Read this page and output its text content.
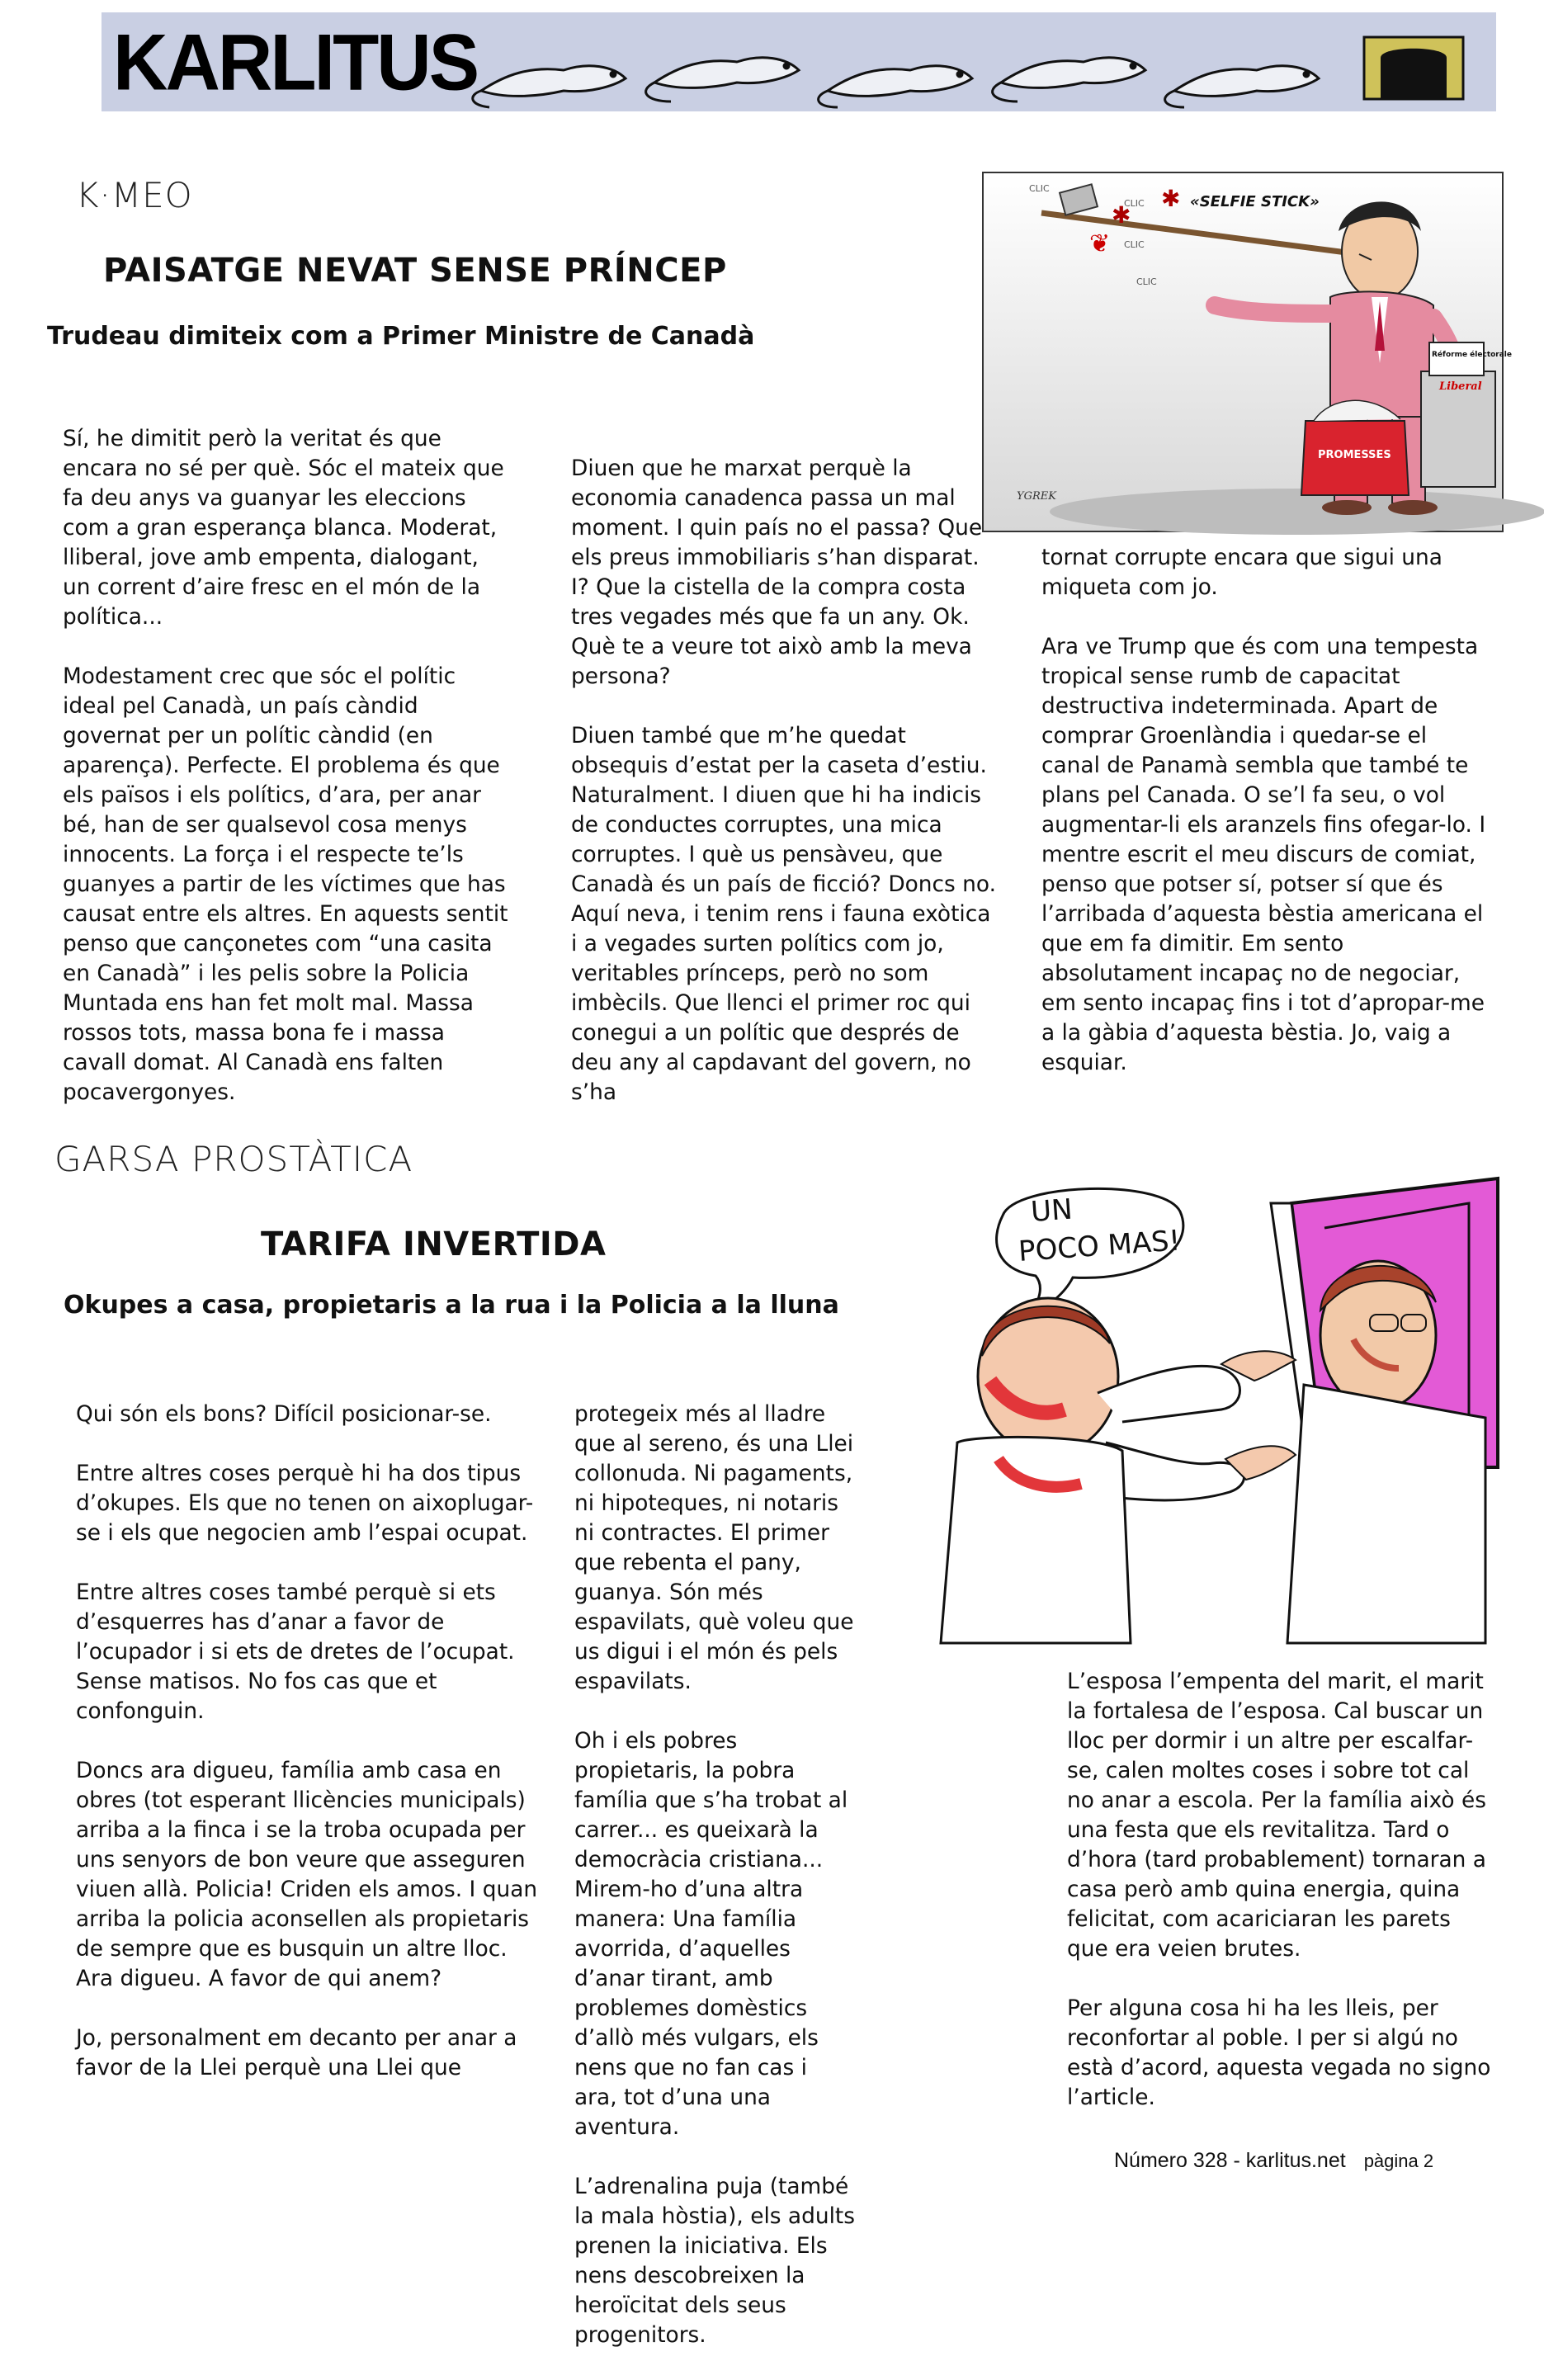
KARLITUS
K·MEO
PAISATGE NEVAT SENSE PRÍNCEP
Trudeau dimiteix com a Primer Ministre de Canadà

Sí, he dimitit però la veritat és que encara no sé per què. Sóc el mateix que fa deu anys va guanyar les eleccions com a gran esperança blanca. Moderat, lliberal, jove amb empenta, dialogant, un corrent d’aire fresc en el món de la política...

Modestament crec que sóc el polític ideal pel Canadà, un país càndid governat per un polític càndid (en aparença). Perfecte. El problema és que els països i els polítics, d’ara, per anar bé, han de ser qualsevol cosa menys innocents. La força i el respecte te’ls guanyes a partir de les víctimes que has causat entre els altres. En aquests sentit penso que cançonetes com “una casita en Canadà” i les pelis sobre la Policia Muntada ens han fet molt mal. Massa rossos tots, massa bona fe i massa cavall domat. Al Canadà ens falten pocavergonyes.

Diuen que he marxat perquè la economia canadenca passa un mal moment. I quin país no el passa? Que els preus immobiliaris s’han disparat. I? Que la cistella de la compra costa tres vegades més que fa un any. Ok. Què te a veure tot això amb la meva persona?

Diuen també que m’he quedat obsequis d’estat per la caseta d’estiu. Naturalment. I diuen que hi ha indicis de conductes corruptes, una mica corruptes. I què us pensàveu, que Canadà és un país de ficció? Doncs no. Aquí neva, i tenim rens i fauna exòtica i a vegades surten polítics com jo, veritables prínceps, però no som imbècils. Que llenci el primer roc qui conegui a un polític que després de deu any al capdavant del govern, no s’ha

tornat corrupte encara que sigui una miqueta com jo.

Ara ve Trump que és com una tempesta tropical sense rumb de capacitat destructiva indeterminada. Apart de comprar Groenlàndia i quedar-se el canal de Panamà sembla que també te plans pel Canada. O se’l fa seu, o vol augmentar-li els aranzels fins ofegar-lo. I mentre escrit el meu discurs de comiat, penso que potser sí, potser sí que és l’arribada d’aquesta bèstia americana el que em fa dimitir. Em sento absolutament incapaç no de negociar, em sento incapaç fins i tot d’apropar-me a la gàbia d’aquesta bèstia. Jo, vaig a esquiar.

✱
✱
❦
«SELFIE STICK»
CLIC
CLIC
CLIC
CLIC
Réforme électorale
Liberal
PROMESSES
YGREK
GARSA PROSTÀTICA
TARIFA INVERTIDA
Okupes a casa, propietaris a la rua i la Policia a la lluna

Qui són els bons? Difícil posicionar-se.

Entre altres coses perquè hi ha dos tipus d’okupes. Els que no tenen on aixoplugar-se i els que negocien amb l’espai ocupat.

Entre altres coses també perquè si ets d’esquerres has d’anar a favor de l’ocupador i si ets de dretes de l’ocupat. Sense matisos. No fos cas que et confonguin.

Doncs ara digueu, família amb casa en obres (tot esperant llicències municipals) arriba a la finca i se la troba ocupada per uns senyors de bon veure que asseguren viuen allà. Policia! Criden els amos. I quan arriba la policia aconsellen als propietaris de sempre que es busquin un altre lloc. Ara digueu. A favor de qui anem?

Jo, personalment em decanto per anar a favor de la Llei perquè una Llei que

protegeix més al lladre que al sereno, és una Llei collonuda. Ni pagaments, ni hipoteques, ni notaris ni contractes. El primer que rebenta el pany, guanya. Són més espavilats, què voleu que us digui i el món és pels espavilats.

Oh i els pobres propietaris, la pobra família que s’ha trobat al carrer... es queixarà la democràcia cristiana... Mirem-ho d’una altra manera: Una família avorrida, d’aquelles d’anar tirant, amb problemes domèstics d’allò més vulgars, els nens que no fan cas i ara, tot d’una una aventura.

L’adrenalina puja (també la mala hòstia), els adults prenen la iniciativa. Els nens descobreixen la heroïcitat dels seus progenitors.

L’esposa l’empenta del marit, el marit la fortalesa de l’esposa. Cal buscar un lloc per dormir i un altre per escalfar-se, calen moltes coses i sobre tot cal no anar a escola. Per la família això és una festa que els revitalitza. Tard o d’hora (tard probablement) tornaran a casa però amb quina energia, quina felicitat, com acariciaran les parets que era veien brutes.

Per alguna cosa hi ha les lleis, per reconfortar al poble. I per si algú no està d’acord, aquesta vegada no signo l’article.

UN
POCO MAS!
Número 328 - karlitus.net pàgina 2
